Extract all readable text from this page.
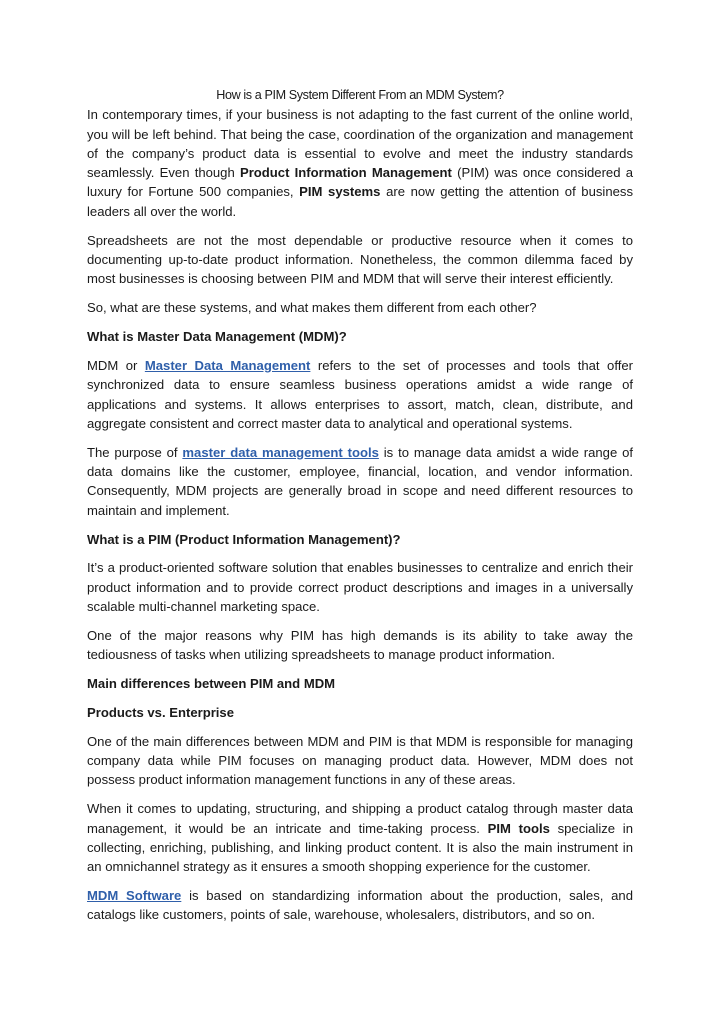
How is a PIM System Different From an MDM System?

In contemporary times, if your business is not adapting to the fast current of the online world, you will be left behind. That being the case, coordination of the organization and management of the company’s product data is essential to evolve and meet the industry standards seamlessly. Even though Product Information Management (PIM) was once considered a luxury for Fortune 500 companies, PIM systems are now getting the attention of business leaders all over the world.

Spreadsheets are not the most dependable or productive resource when it comes to documenting up-to-date product information. Nonetheless, the common dilemma faced by most businesses is choosing between PIM and MDM that will serve their interest efficiently.

So, what are these systems, and what makes them different from each other?

What is Master Data Management (MDM)?

MDM or Master Data Management refers to the set of processes and tools that offer synchronized data to ensure seamless business operations amidst a wide range of applications and systems. It allows enterprises to assort, match, clean, distribute, and aggregate consistent and correct master data to analytical and operational systems.

The purpose of master data management tools is to manage data amidst a wide range of data domains like the customer, employee, financial, location, and vendor information. Consequently, MDM projects are generally broad in scope and need different resources to maintain and implement.

What is a PIM (Product Information Management)?

It’s a product-oriented software solution that enables businesses to centralize and enrich their product information and to provide correct product descriptions and images in a universally scalable multi-channel marketing space.

One of the major reasons why PIM has high demands is its ability to take away the tediousness of tasks when utilizing spreadsheets to manage product information.

Main differences between PIM and MDM
Products vs. Enterprise

One of the main differences between MDM and PIM is that MDM is responsible for managing company data while PIM focuses on managing product data. However, MDM does not possess product information management functions in any of these areas.

When it comes to updating, structuring, and shipping a product catalog through master data management, it would be an intricate and time-taking process. PIM tools specialize in collecting, enriching, publishing, and linking product content. It is also the main instrument in an omnichannel strategy as it ensures a smooth shopping experience for the customer.

MDM Software is based on standardizing information about the production, sales, and catalogs like customers, points of sale, warehouse, wholesalers, distributors, and so on.
